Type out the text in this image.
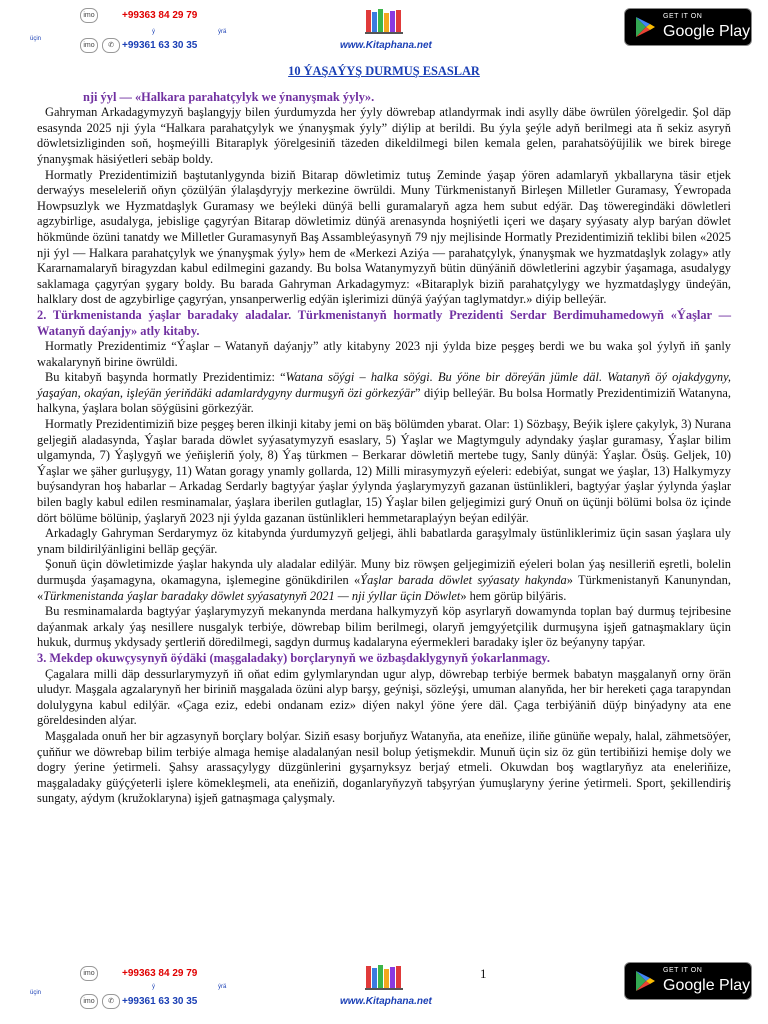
üçin
imo	+99363 84 29 79
ý	ýrä
imo	✆ +99361 63 30 35	www.Kitaphana.net
GET IT ON
Google Play
10 ÝAŞAÝYŞ DURMUŞ ESASLAR

nji ýyl — «Halkara parahatçylyk we ýnanyşmak ýyly».

Gahryman Arkadagymyzyň başlangyjy bilen ýurdumyzda her ýyly döwrebap atlandyrmak indi asylly däbe öwrülen ýörelgedir. Şol däp esasynda 2025 nji ýyla “Halkara parahatçylyk we ýnanyşmak ýyly” diýlip at berildi. Bu ýyla şeýle adyň berilmegi ata ň sekiz asyryň döwletsizliginden soň, hoşmeýilli Bitaraplyk ýörelgesiniň täzeden dikeldilmegi bilen kemala gelen, parahatsöýüjilik we birek birege ýnanyşmak häsiýetleri sebäp boldy.

Hormatly Prezidentimiziň baştutanlygynda biziň Bitarap döwletimiz tutuş Zeminde ýaşap ýören adamlaryň ykballaryna täsir etjek derwaýys meseleleriň oňyn çözülýän ýlalaşdyryjy merkezine öwrüldi. Muny Türkmenistanyň Birleşen Milletler Guramasy, Ýewropada Howpsuzlyk we Hyzmatdaşlyk Guramasy we beýleki dünýä belli guramalaryň agza hem subut edýär. Daş töweregindäki döwletleri agzybirlige, asudalyga, jebislige çagyrýan Bitarap döwletimiz dünýä arenasynda hoşniýetli içeri we daşary syýasaty alyp barýan döwlet hökmünde özüni tanatdy we Milletler Guramasynyň Baş Assambleýasynyň 79 njy mejlisinde Hormatly Prezidentimiziň teklibi bilen «2025 nji ýyl — Halkara parahatçylyk we ýnanyşmak ýyly» hem de «Merkezi Aziýa — parahatçylyk, ýnanyşmak we hyzmatdaşlyk zolagy» atly Kararnamalaryň biragyzdan kabul edilmegini gazandy. Bu bolsa Watanymyzyň bütin dünýäniň döwletlerini agzybir ýaşamaga, asudalygy saklamaga çagyrýan şygary boldy. Bu barada Gahryman Arkadagymyz: «Bitaraplyk biziň parahatçylygy we hyzmatdaşlygy ündeýän, halklary dost de agzybirlige çagyrýan, ynsanperwerlig edýän işlerimizi dünýä ýaýýan taglymatdyr.» diýip belleýär.

2. Türkmenistanda ýaşlar baradaky aladalar. Türkmenistanyň hormatly Prezidenti Serdar Berdimuhamedowyň «Ýaşlar — Watanyň daýanjy» atly kitaby.

Hormatly Prezidentimiz “Ýaşlar – Watanyň daýanjy” atly kitabyny 2023 nji ýylda bize peşgeş berdi we bu waka şol ýylyň iň şanly wakalarynyň birine öwrüldi.

Bu kitabyň başynda hormatly Prezidentimiz: “Watana söýgi – halka söýgi. Bu ýöne bir döreýän jümle däl. Watanyň öý ojakdygyny, ýaşaýan, okaýan, işleýän ýeriňdäki adamlardygyny durmuşyň özi görkezýär” diýip belleýär. Bu bolsa Hormatly Prezidentimiziň Watanyna, halkyna, ýaşlara bolan söýgüsini görkezýär.

Hormatly Prezidentimiziň bize peşgeş beren ilkinji kitaby jemi on bäş bölümden ybarat. Olar: 1) Sözbaşy, Beýik işlere çakylyk, 3) Nurana geljegiň aladasynda, Ýaşlar barada döwlet syýasatymyzyň esaslary, 5) Ýaşlar we Magtymguly adyndaky ýaşlar guramasy, Ýaşlar bilim ulgamynda, 7) Ýaşlygyň we ýeňişleriň ýoly, 8) Ýaş türkmen – Berkarar döwletiň mertebe tugy, Sanly dünýä: Ýaşlar. Ösüş. Geljek, 10) Ýaşlar we şäher gurluşygy, 11) Watan goragy ynamly gollarda, 12) Milli mirasymyzyň eýeleri: edebiýat, sungat we ýaşlar, 13) Halkymyzy buýsandyran hoş habarlar – Arkadag Serdarly bagtyýar ýaşlar ýylynda ýaşlarymyzyň gazanan üstünlikleri, bagtyýar ýaşlar ýylynda ýaşlar bilen bagly kabul edilen resminamalar, ýaşlara iberilen gutlaglar, 15) Ýaşlar bilen geljegimizi gurý Onuň on üçünji bölümi bolsa öz içinde dört bölüme bölünip, ýaşlaryň 2023 nji ýylda gazanan üstünlikleri hemmetaraplaýyn beýan edilýär.

Arkadagly Gahryman Serdarymyz öz kitabynda ýurdumyzyň geljegi, ähli babatlarda garaşylmaly üstünliklerimiz üçin sasan ýaşlara uly ynam bildirilýänligini belläp geçýär.

Şonuň üçin döwletimizde ýaşlar hakynda uly aladalar edilýär. Muny biz röwşen geljegimiziň eýeleri bolan ýaş nesilleriň eşretli, bolelin durmuşda ýaşamagyna, okamagyna, işlemegine gönükdirilen «Ýaşlar barada döwlet syýasaty hakynda» Türkmenistanyň Kanunyndan, «Türkmenistanda ýaşlar baradaky döwlet syýasatynyň 2021 — nji ýyllar üçin Döwlet» hem görüp bilýäris.

Bu resminamalarda bagtyýar ýaşlarymyzyň mekanynda merdana halkymyzyň köp asyrlaryň dowamynda toplan baý durmuş tejribesine daýanmak arkaly ýaş nesillere nusgalyk terbiýe, döwrebap bilim berilmegi, olaryň jemgyýetçilik durmuşyna işjeň gatnaşmaklary üçin hukuk, durmuş ykdysady şertleriň döredilmegi, sagdyn durmuş kadalaryna eýermekleri baradaky işler öz beýanyny tapýar.

3. Mekdep okuwçysynyň öýdäki (maşgaladaky) borçlarynyň we özbaşdaklygynyň ýokarlanmagy.

Çagalara milli däp dessurlarymyzyň iň oňat edim gylymlaryndan ugur alyp, döwrebap terbiýe bermek babatyn maşgalanyň orny örän uludyr. Maşgala agzalarynyň her biriniň maşgalada özüni alyp barşy, geýnişi, sözleýşi, umuman alanyňda, her bir hereketi çaga tarapyndan dolulygyna kabul edilýär. «Çaga eziz, edebi ondanam eziz» diýen nakyl ýöne ýere däl. Çaga terbiýäniň düýp binýadyny ata ene göreldesinden alýar.

Maşgalada onuň her bir agzasynyň borçlary bolýar. Siziň esasy borjuňyz Watanyňa, ata eneňize, iliňe günüňe wepaly, halal, zähmetsöýer, çuňňur we döwrebap bilim terbiýe almaga hemişe aladalanýan nesil bolup ýetişmekdir. Munuň üçin siz öz gün tertibiňizi hemişe doly we dogry ýerine ýetirmeli. Şahsy arassaçylygy düzgünlerini gyşarnyksyz berjaý etmeli. Okuwdan boş wagtlaryňyz ata eneleriňize, maşgaladaky güýçýeterli işlere kömekleşmeli, ata eneňiziň, doganlaryňyzyň tabşyrýan ýumuşlaryny ýerine ýetirmeli. Sport, şekillendiriş sungaty, aýdym (kružoklaryna) işjeň gatnaşmaga çalyşmaly.

üçin
imo	+99363 84 29 79
ý	ýrä
imo	✆ +99361 63 30 35	www.Kitaphana.net
GET IT ON
Google Play
1
